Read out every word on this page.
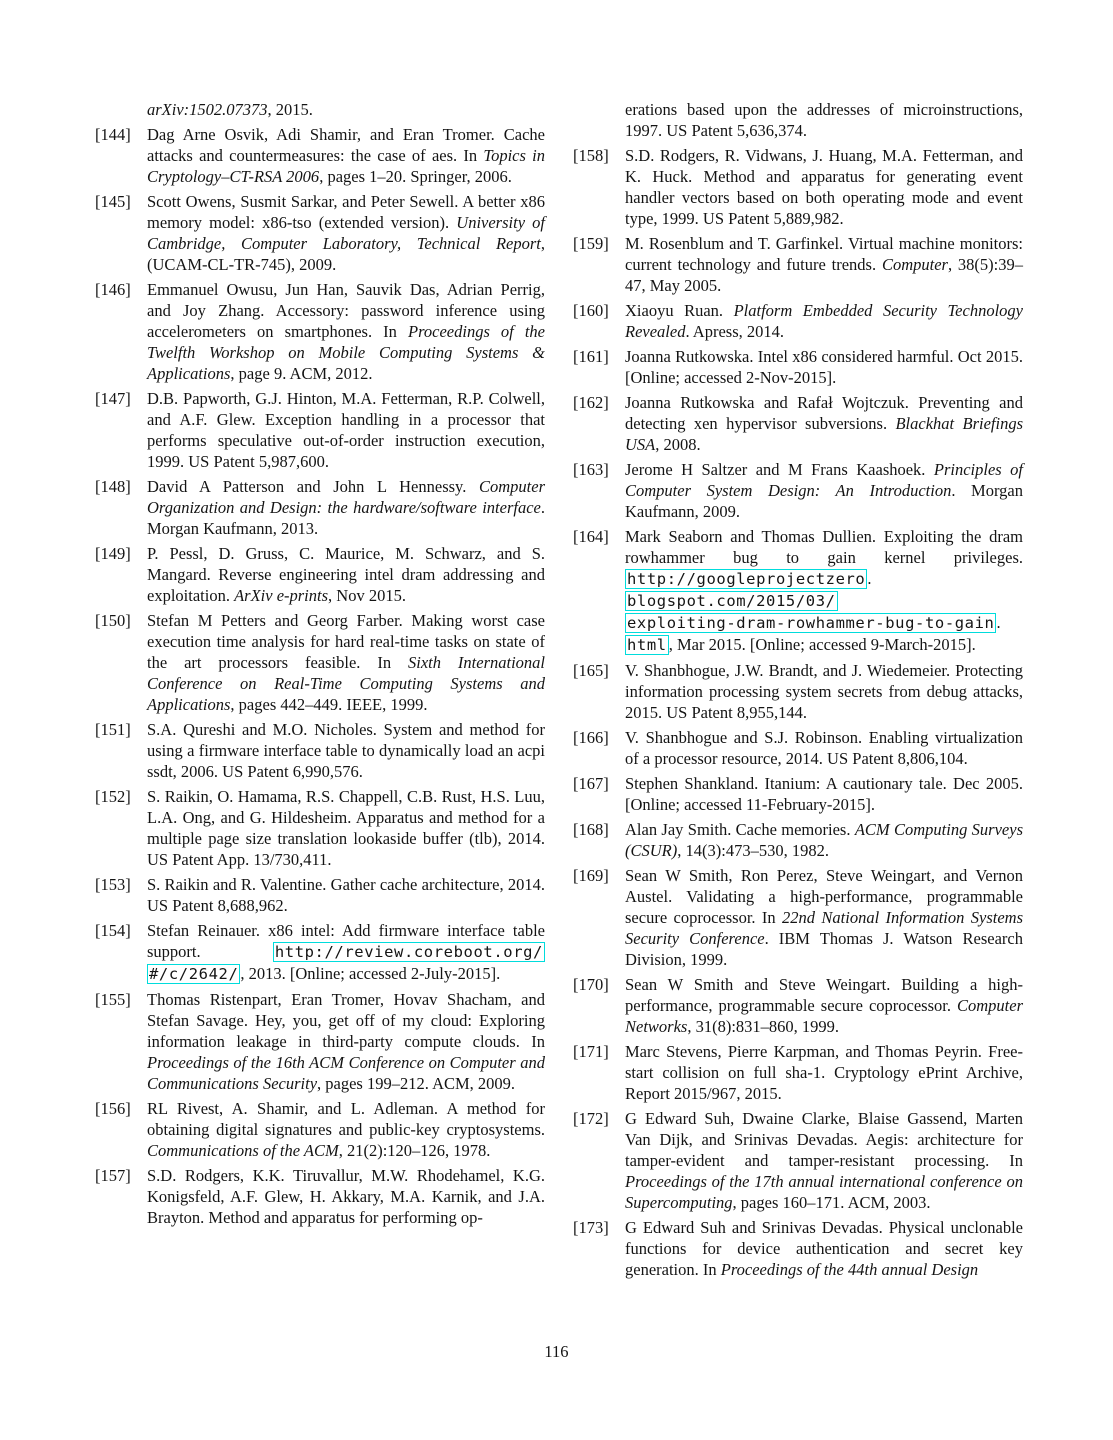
arXiv:1502.07373, 2015.
[144] Dag Arne Osvik, Adi Shamir, and Eran Tromer. Cache attacks and countermeasures: the case of aes. In Topics in Cryptology–CT-RSA 2006, pages 1–20. Springer, 2006.
[145] Scott Owens, Susmit Sarkar, and Peter Sewell. A better x86 memory model: x86-tso (extended version). University of Cambridge, Computer Laboratory, Technical Report, (UCAM-CL-TR-745), 2009.
[146] Emmanuel Owusu, Jun Han, Sauvik Das, Adrian Perrig, and Joy Zhang. Accessory: password inference using accelerometers on smartphones. In Proceedings of the Twelfth Workshop on Mobile Computing Systems & Applications, page 9. ACM, 2012.
[147] D.B. Papworth, G.J. Hinton, M.A. Fetterman, R.P. Colwell, and A.F. Glew. Exception handling in a processor that performs speculative out-of-order instruction execution, 1999. US Patent 5,987,600.
[148] David A Patterson and John L Hennessy. Computer Organization and Design: the hardware/software interface. Morgan Kaufmann, 2013.
[149] P. Pessl, D. Gruss, C. Maurice, M. Schwarz, and S. Mangard. Reverse engineering intel dram addressing and exploitation. ArXiv e-prints, Nov 2015.
[150] Stefan M Petters and Georg Farber. Making worst case execution time analysis for hard real-time tasks on state of the art processors feasible. In Sixth International Conference on Real-Time Computing Systems and Applications, pages 442–449. IEEE, 1999.
[151] S.A. Qureshi and M.O. Nicholes. System and method for using a firmware interface table to dynamically load an acpi ssdt, 2006. US Patent 6,990,576.
[152] S. Raikin, O. Hamama, R.S. Chappell, C.B. Rust, H.S. Luu, L.A. Ong, and G. Hildesheim. Apparatus and method for a multiple page size translation lookaside buffer (tlb), 2014. US Patent App. 13/730,411.
[153] S. Raikin and R. Valentine. Gather cache architecture, 2014. US Patent 8,688,962.
[154] Stefan Reinauer. x86 intel: Add firmware interface table support. http://review.coreboot.org/#/c/2642/ , 2013. [Online; accessed 2-July-2015].
[155] Thomas Ristenpart, Eran Tromer, Hovav Shacham, and Stefan Savage. Hey, you, get off of my cloud: Exploring information leakage in third-party compute clouds. In Proceedings of the 16th ACM Conference on Computer and Communications Security, pages 199–212. ACM, 2009.
[156] RL Rivest, A. Shamir, and L. Adleman. A method for obtaining digital signatures and public-key cryptosystems. Communications of the ACM, 21(2):120–126, 1978.
[157] S.D. Rodgers, K.K. Tiruvallur, M.W. Rhodehamel, K.G. Konigsfeld, A.F. Glew, H. Akkary, M.A. Karnik, and J.A. Brayton. Method and apparatus for performing op-
erations based upon the addresses of microinstructions, 1997. US Patent 5,636,374.
[158] S.D. Rodgers, R. Vidwans, J. Huang, M.A. Fetterman, and K. Huck. Method and apparatus for generating event handler vectors based on both operating mode and event type, 1999. US Patent 5,889,982.
[159] M. Rosenblum and T. Garfinkel. Virtual machine monitors: current technology and future trends. Computer, 38(5):39–47, May 2005.
[160] Xiaoyu Ruan. Platform Embedded Security Technology Revealed. Apress, 2014.
[161] Joanna Rutkowska. Intel x86 considered harmful. Oct 2015. [Online; accessed 2-Nov-2015].
[162] Joanna Rutkowska and Rafał Wojtczuk. Preventing and detecting xen hypervisor subversions. Blackhat Briefings USA, 2008.
[163] Jerome H Saltzer and M Frans Kaashoek. Principles of Computer System Design: An Introduction. Morgan Kaufmann, 2009.
[164] Mark Seaborn and Thomas Dullien. Exploiting the dram rowhammer bug to gain kernel privileges. http://googleprojectzero .blogspot.com/2015/03/exploiting-dram-rowhammer-bug-to-gain .html , Mar 2015. [Online; accessed 9-March-2015].
[165] V. Shanbhogue, J.W. Brandt, and J. Wiedemeier. Protecting information processing system secrets from debug attacks, 2015. US Patent 8,955,144.
[166] V. Shanbhogue and S.J. Robinson. Enabling virtualization of a processor resource, 2014. US Patent 8,806,104.
[167] Stephen Shankland. Itanium: A cautionary tale. Dec 2005. [Online; accessed 11-February-2015].
[168] Alan Jay Smith. Cache memories. ACM Computing Surveys (CSUR), 14(3):473–530, 1982.
[169] Sean W Smith, Ron Perez, Steve Weingart, and Vernon Austel. Validating a high-performance, programmable secure coprocessor. In 22nd National Information Systems Security Conference. IBM Thomas J. Watson Research Division, 1999.
[170] Sean W Smith and Steve Weingart. Building a high-performance, programmable secure coprocessor. Computer Networks, 31(8):831–860, 1999.
[171] Marc Stevens, Pierre Karpman, and Thomas Peyrin. Free-start collision on full sha-1. Cryptology ePrint Archive, Report 2015/967, 2015.
[172] G Edward Suh, Dwaine Clarke, Blaise Gassend, Marten Van Dijk, and Srinivas Devadas. Aegis: architecture for tamper-evident and tamper-resistant processing. In Proceedings of the 17th annual international conference on Supercomputing, pages 160–171. ACM, 2003.
[173] G Edward Suh and Srinivas Devadas. Physical unclonable functions for device authentication and secret key generation. In Proceedings of the 44th annual Design
116
